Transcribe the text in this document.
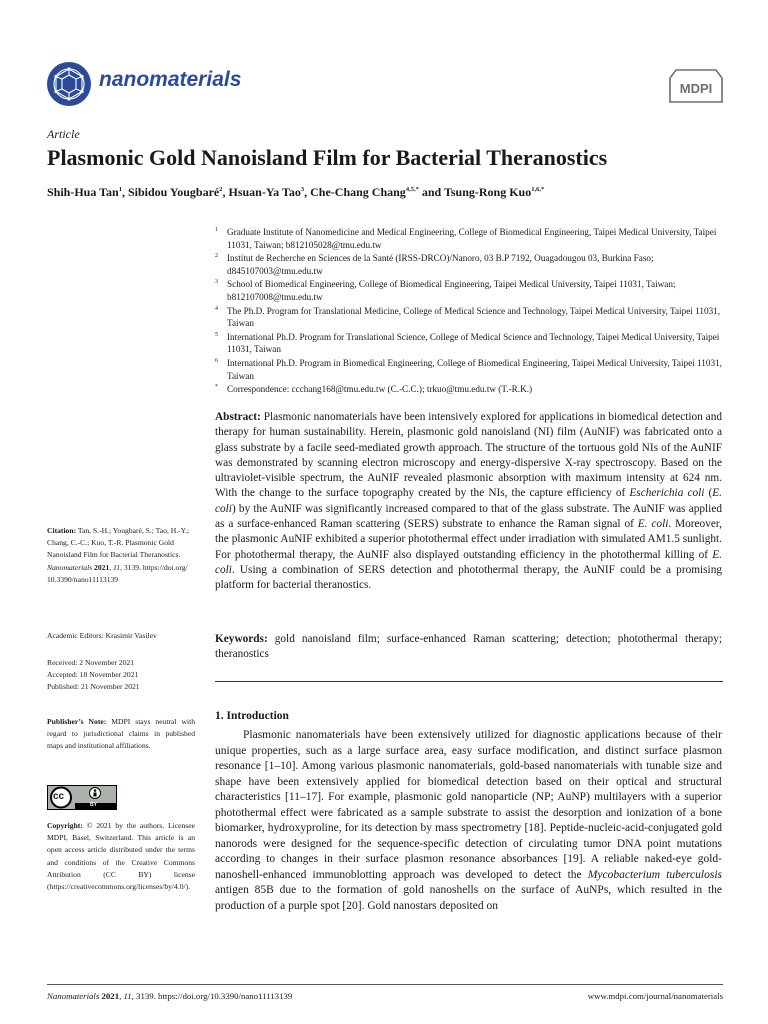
nanomaterials	MDPI
Article
Plasmonic Gold Nanoisland Film for Bacterial Theranostics
Shih-Hua Tan$^1$, Sibidou Yougbaré$^2$, Hsuan-Ya Tao$^3$, Che-Chang Chang$^{4,5,*}$ and Tsung-Rong Kuo$^{1,6,*}$
1 Graduate Institute of Nanomedicine and Medical Engineering, College of Biomedical Engineering, Taipei Medical University, Taipei 11031, Taiwan; b812105028@tmu.edu.tw
2 Institut de Recherche en Sciences de la Santé (IRSS-DRCO)/Nanoro, 03 B.P 7192, Ouagadougou 03, Burkina Faso; d845107003@tmu.edu.tw
3 School of Biomedical Engineering, College of Biomedical Engineering, Taipei Medical University, Taipei 11031, Taiwan; b812107008@tmu.edu.tw
4 The Ph.D. Program for Translational Medicine, College of Medical Science and Technology, Taipei Medical University, Taipei 11031, Taiwan
5 International Ph.D. Program for Translational Science, College of Medical Science and Technology, Taipei Medical University, Taipei 11031, Taiwan
6 International Ph.D. Program in Biomedical Engineering, College of Biomedical Engineering, Taipei Medical University, Taipei 11031, Taiwan
* Correspondence: ccchang168@tmu.edu.tw (C.-C.C.); trkuo@tmu.edu.tw (T.-R.K.)
Abstract: Plasmonic nanomaterials have been intensively explored for applications in biomedical detection and therapy for human sustainability. Herein, plasmonic gold nanoisland (NI) film (AuNIF) was fabricated onto a glass substrate by a facile seed-mediated growth approach. The structure of the tortuous gold NIs of the AuNIF was demonstrated by scanning electron microscopy and energy-dispersive X-ray spectroscopy. Based on the ultraviolet-visible spectrum, the AuNIF revealed plasmonic absorption with maximum intensity at 624 nm. With the change to the surface topography created by the NIs, the capture efficiency of Escherichia coli (E. coli) by the AuNIF was significantly increased compared to that of the glass substrate. The AuNIF was applied as a surface-enhanced Raman scattering (SERS) substrate to enhance the Raman signal of E. coli. Moreover, the plasmonic AuNIF exhibited a superior photothermal effect under irradiation with simulated AM1.5 sunlight. For photothermal therapy, the AuNIF also displayed outstanding efficiency in the photothermal killing of E. coli. Using a combination of SERS detection and photothermal therapy, the AuNIF could be a promising platform for bacterial theranostics.
Keywords: gold nanoisland film; surface-enhanced Raman scattering; detection; photothermal therapy; theranostics
1. Introduction
Plasmonic nanomaterials have been extensively utilized for diagnostic applications because of their unique properties, such as a large surface area, easy surface modification, and distinct surface plasmon resonance [1–10]. Among various plasmonic nanomaterials, gold-based nanomaterials with tunable size and shape have been extensively applied for biomedical detection based on their optical and structural characteristics [11–17]. For example, plasmonic gold nanoparticle (NP; AuNP) multilayers with a superior photothermal effect were fabricated as a sample substrate to assist the desorption and ionization of a bone biomarker, hydroxyproline, for its detection by mass spectrometry [18]. Peptide-nucleic-acid-conjugated gold nanorods were designed for the sequence-specific detection of circulating tumor DNA point mutations according to changes in their surface plasmon resonance absorbances [19]. A reliable naked-eye gold-nanoshell-enhanced immunoblotting approach was developed to detect the Mycobacterium tuberculosis antigen 85B due to the formation of gold nanoshells on the surface of AuNPs, which resulted in the production of a purple spot [20]. Gold nanostars deposited on
Citation: Tan, S.-H.; Yougbaré, S.; Tao, H.-Y.; Chang, C.-C.; Kuo, T.-R. Plasmonic Gold Nanoisland Film for Bacterial Theranostics. Nanomaterials 2021, 11, 3139. https://doi.org/ 10.3390/nano11113139
Academic Editors: Krasimir Vasilev
Received: 2 November 2021
Accepted: 18 November 2021
Published: 21 November 2021
Publisher’s Note: MDPI stays neutral with regard to jurisdictional claims in published maps and institutional affiliations.
cc
BY
Copyright: © 2021 by the authors. Licensee MDPI, Basel, Switzerland. This article is an open access article distributed under the terms and conditions of the Creative Commons Attribution (CC BY) license (https://creativecommons.org/licenses/by/4.0/).
Nanomaterials 2021, 11, 3139. https://doi.org/10.3390/nano11113139	www.mdpi.com/journal/nanomaterials
